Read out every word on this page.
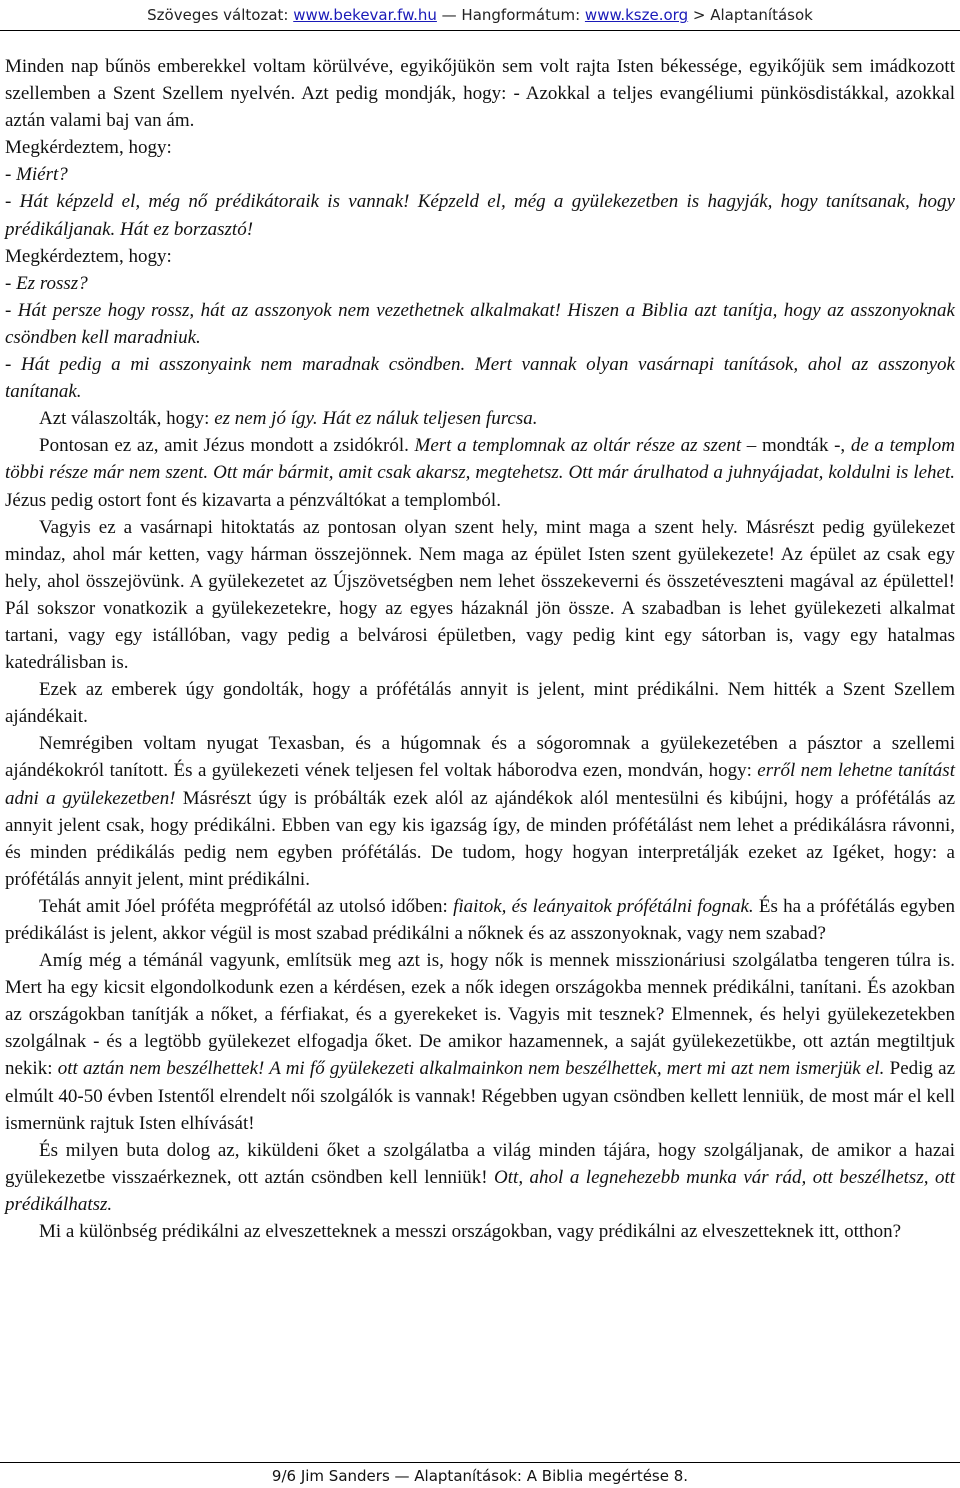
Szöveges változat: www.bekevar.fw.hu — Hangformátum: www.ksze.org > Alaptanítások

Minden nap bűnös emberekkel voltam körülvéve, egyikőjükön sem volt rajta Isten békessége, egyikőjük sem imádkozott szellemben a Szent Szellem nyelvén. Azt pedig mondják, hogy: - Azokkal a teljes evangéliumi pünkösdistákkal, azokkal aztán valami baj van ám.

Megkérdeztem, hogy:

- Miért?

- Hát képzeld el, még nő prédikátoraik is vannak! Képzeld el, még a gyülekezetben is hagyják, hogy tanítsanak, hogy prédikáljanak. Hát ez borzasztó!

Megkérdeztem, hogy:

- Ez rossz?

- Hát persze hogy rossz, hát az asszonyok nem vezethetnek alkalmakat! Hiszen a Biblia azt tanítja, hogy az asszonyoknak csöndben kell maradniuk.

- Hát pedig a mi asszonyaink nem maradnak csöndben. Mert vannak olyan vasárnapi tanítások, ahol az asszonyok tanítanak.

Azt válaszolták, hogy: ez nem jó így. Hát ez náluk teljesen furcsa.

Pontosan ez az, amit Jézus mondott a zsidókról. Mert a templomnak az oltár része az szent – mondták -, de a templom többi része már nem szent. Ott már bármit, amit csak akarsz, megtehetsz. Ott már árulhatod a juhnyájadat, koldulni is lehet. Jézus pedig ostort font és kizavarta a pénzváltókat a templomból.

Vagyis ez a vasárnapi hitoktatás az pontosan olyan szent hely, mint maga a szent hely. Másrészt pedig gyülekezet mindaz, ahol már ketten, vagy hárman összejönnek. Nem maga az épület Isten szent gyülekezete! Az épület az csak egy hely, ahol összejövünk. A gyülekezetet az Újszövetségben nem lehet összekeverni és összetéveszteni magával az épülettel! Pál sokszor vonatkozik a gyülekezetekre, hogy az egyes házaknál jön össze. A szabadban is lehet gyülekezeti alkalmat tartani, vagy egy istállóban, vagy pedig a belvárosi épületben, vagy pedig kint egy sátorban is, vagy egy hatalmas katedrálisban is.

Ezek az emberek úgy gondolták, hogy a prófétálás annyit is jelent, mint prédikálni. Nem hitték a Szent Szellem ajándékait.

Nemrégiben voltam nyugat Texasban, és a húgomnak és a sógoromnak a gyülekezetében a pásztor a szellemi ajándékokról tanított. És a gyülekezeti vének teljesen fel voltak háborodva ezen, mondván, hogy: erről nem lehetne tanítást adni a gyülekezetben! Másrészt úgy is próbálták ezek alól az ajándékok alól mentesülni és kibújni, hogy a prófétálás az annyit jelent csak, hogy prédikálni. Ebben van egy kis igazság így, de minden prófétálást nem lehet a prédikálásra rávonni, és minden prédikálás pedig nem egyben prófétálás. De tudom, hogy hogyan interpretálják ezeket az Igéket, hogy: a prófétálás annyit jelent, mint prédikálni.

Tehát amit Jóel próféta megprófétál az utolsó időben: fiaitok, és leányaitok prófétálni fognak. És ha a prófétálás egyben prédikálást is jelent, akkor végül is most szabad prédikálni a nőknek és az asszonyoknak, vagy nem szabad?

Amíg még a témánál vagyunk, említsük meg azt is, hogy nők is mennek misszionáriusi szolgálatba tengeren túlra is. Mert ha egy kicsit elgondolkodunk ezen a kérdésen, ezek a nők idegen országokba mennek prédikálni, tanítani. És azokban az országokban tanítják a nőket, a férfiakat, és a gyerekeket is. Vagyis mit tesznek? Elmennek, és helyi gyülekezetekben szolgálnak - és a legtöbb gyülekezet elfogadja őket. De amikor hazamennek, a saját gyülekezetükbe, ott aztán megtiltjuk nekik: ott aztán nem beszélhettek! A mi fő gyülekezeti alkalmainkon nem beszélhettek, mert mi azt nem ismerjük el. Pedig az elmúlt 40-50 évben Istentől elrendelt női szolgálók is vannak! Régebben ugyan csöndben kellett lenniük, de most már el kell ismernünk rajtuk Isten elhívását!

És milyen buta dolog az, kiküldeni őket a szolgálatba a világ minden tájára, hogy szolgáljanak, de amikor a hazai gyülekezetbe visszaérkeznek, ott aztán csöndben kell lenniük! Ott, ahol a legnehezebb munka vár rád, ott beszélhetsz, ott prédikálhatsz.

Mi a különbség prédikálni az elveszetteknek a messzi országokban, vagy prédikálni az elveszetteknek itt, otthon?

9/6 Jim Sanders — Alaptanítások: A Biblia megértése 8.
